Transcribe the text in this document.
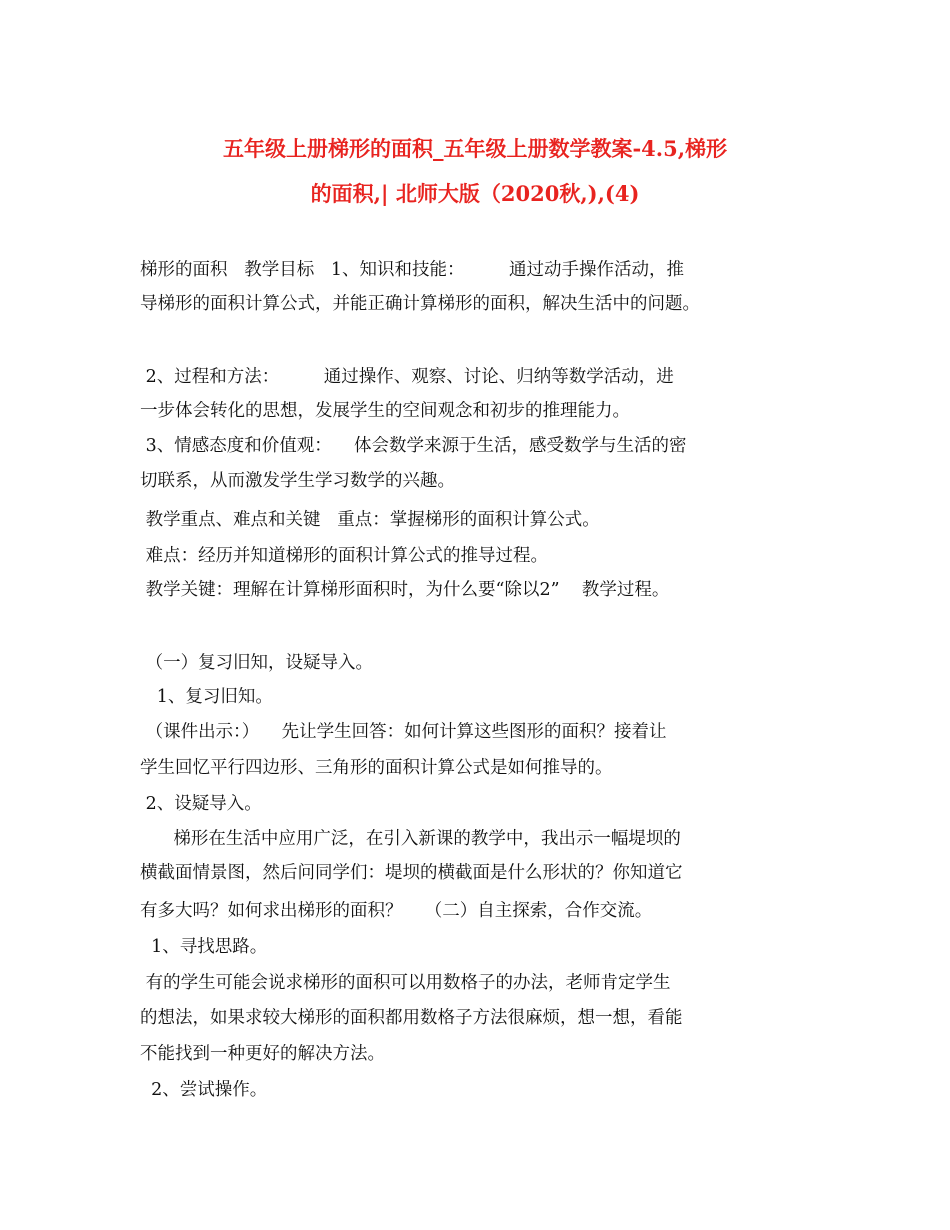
五年级上册梯形的面积_五年级上册数学教案-4.5,梯形
的面积,| 北师大版（2020秋,),(4)
梯形的面积   教学目标   1、知识和技能：        通过动手操作活动，推
导梯形的面积计算公式，并能正确计算梯形的面积，解决生活中的问题。
2、过程和方法：        通过操作、观察、讨论、归纳等数学活动，进
一步体会转化的思想，发展学生的空间观念和初步的推理能力。
3、情感态度和价值观：    体会数学来源于生活，感受数学与生活的密
切联系，从而激发学生学习数学的兴趣。
教学重点、难点和关键   重点：掌握梯形的面积计算公式。
难点：经历并知道梯形的面积计算公式的推导过程。
教学关键：理解在计算梯形面积时，为什么要“除以2”    教学过程。
（一）复习旧知，设疑导入。
1、复习旧知。
（课件出示：）    先让学生回答：如何计算这些图形的面积？接着让
学生回忆平行四边形、三角形的面积计算公式是如何推导的。
2、设疑导入。
梯形在生活中应用广泛，在引入新课的教学中，我出示一幅堤坝的
横截面情景图，然后问同学们：堤坝的横截面是什么形状的？你知道它
有多大吗？如何求出梯形的面积？    （二）自主探索，合作交流。
1、寻找思路。
有的学生可能会说求梯形的面积可以用数格子的办法，老师肯定学生
的想法，如果求较大梯形的面积都用数格子方法很麻烦，想一想，看能
不能找到一种更好的解决方法。
2、尝试操作。
